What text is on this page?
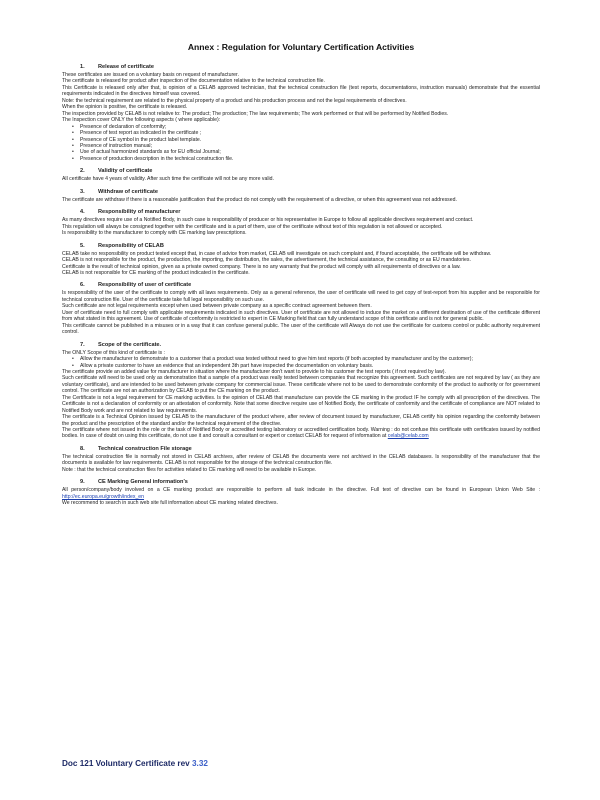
Annex : Regulation for Voluntary Certification Activities
1. Release of certificate

These certificates are issued on a voluntary basis on request of manufacturer.

The certificate is released for product after inspection of the documentation relative to the technical construction file.

This Certificate is released only after that, is opinion of a CELAB approved technician, that the technical construction file (test reports, documentations, instruction manuals) demonstrate that the essential requirements indicated in the directives himself was covered.

Note: the technical requirement are related to the physical property of a product and his production process and not the legal requirements of directives.

When the opinion is positive, the certificate is released.

The inspection provided by CELAB is not relative to: The product; The production; The law requirements; The work performed or that will be performed by Notified Bodies.

The Inspection cover ONLY the following aspects ( where applicable):

• Presence of declaration of conformity;
• Presence of test report as indicated in the certificate ;
• Presence of CE symbol in the product label template.
• Presence of instruction manual;
• Use of actual harmonized standards as for EU official Journal;
• Presence of production description in the technical construction file.
2. Validity of certificate

All certificate have 4 years of validity. After such time the certificate will not be any more valid.

3. Withdraw of certificate

The certificate are withdraw if there is a reasonable justification that the product do not comply with the requirement of a directive, or when this agreement was not addressed.

4. Responsibility of manufacturer

As many directives require use of a Notified Body, in such case is responsibility of producer or his representative in Europe to follow all applicable directives requirement and contact.

This regulation will always be consigned together with the certificate and is a part of them, use of the certificate without text of this regulation is not allowed or accepted.

Is responsibility to the manufacturer to comply with CE marking law prescriptions.

5. Responsibility of CELAB

CELAB take no responsibility on product tested except that, in case of advice from market, CELAB will investigate on such complaint and, if found acceptable, the certificate will be withdraw.

CELAB is not responsible for the product, the production, the importing, the distribution, the sales, the advertisement, the technical assistance, the consulting or as EU mandatories.

Certificate is the result of technical opinion, given as a private owned company. There is no any warranty that the product will comply with all requirements of directives or a law.

CELAB is not responsible for CE marking of the product indicated in the certificate.

6. Responsibility of user of certificate

Is responsibility of the user of the certificate to comply with all laws requirements. Only as a general reference, the user of certificate will need to get copy of test-report from his supplier and be responsible for technical construction file. User of the certificate take full legal responsibility on such use.

Such certificate are not legal requirements except when used between private company as a specific contract agreement between them.

User of certificate need to full comply with applicable requirements indicated in such directives. User of certificate are not allowed to induce the market on a different destination of use of the certificate different from what stated in this agreement. Use of certificate of conformity is restricted to expert in CE Marking field that can fully understand scope of this certificate and is not for general public.

This certificate cannot be published in a misuses or in a way that it can confuse general public. The user of the certificate will Always do not use the certificate for customs control or public authority requirement control.

7. Scope of the certificate.

The ONLY Scope of this kind of certificate is :

• Allow the manufacturer to demonstrate to a customer that a product was tested without need to give him test reports (if both accepted by manufacturer and by the customer);
• Allow a private customer to have an evidence that an independent 3th part have inspected the documentation on voluntary basis.

The certificate provide an added value for manufacturer in situation where the manufacturer don't want to provide to his customer the test reports ( if not required by law).

Such certificate will need to be used only as demonstration that a sample of a product was really tested between companies that recognize this agreement. Such certificates are not required by law ( as they are voluntary certificate), and are intended to be used between private company for commercial issue. These certificate where not to be used to demonstrate conformity of the product to authority or for government control. The certificate are not an authorization by CELAB to put the CE marking on the product.

The Certificate is not a legal requirement for CE marking activities. Is the opinion of CELAB that manufacture can provide the CE marking in the product IF he comply with all prescription of the directives. The Certificate is not a declaration of conformity or an attestation of conformity. Note that some directive require use of Notified Body, the certificate of conformity and the certificate of compliance are NOT related to Notified Body work and are not related to law requirements.

The certificate is a Technical Opinion issued by CELAB to the manufacturer of the product where, after review of document issued by manufacturer, CELAB certify his opinion regarding the conformity between the product and the prescription of the standard and/or the technical requirement of the directive.

The certificate where not issued in the role or the task of Notified Body or accredited testing laboratory or accredited certification body. Warning : do not confuse this certificate with certificates issued by notified bodies. In case of doubt on using this certificate, do not use it and consult a consultant or expert or contact CELAB for request of information at celab@celab.com

8. Technical construction File storage

The technical construction file is normally not stored in CELAB archives, after review of CELAB the documents were not archived in the CELAB databases. Is responsibility of the manufacturer that the documents is available for law requirements. CELAB is not responsible for the storage of the technical construction file.

Note : that the technical construction files for activities related to CE marking will need to be available in Europe.

9. CE Marking General information's

All person/company/body involved on a CE marking product are responsible to perform all task indicate in the directive. Full text of directive can be found in European Union Web Site : http://ec.europa.eu/growth/index_en

We recommend to search in such web site full information about CE marking related directives.

Doc 121 Voluntary Certificate rev 3.32
